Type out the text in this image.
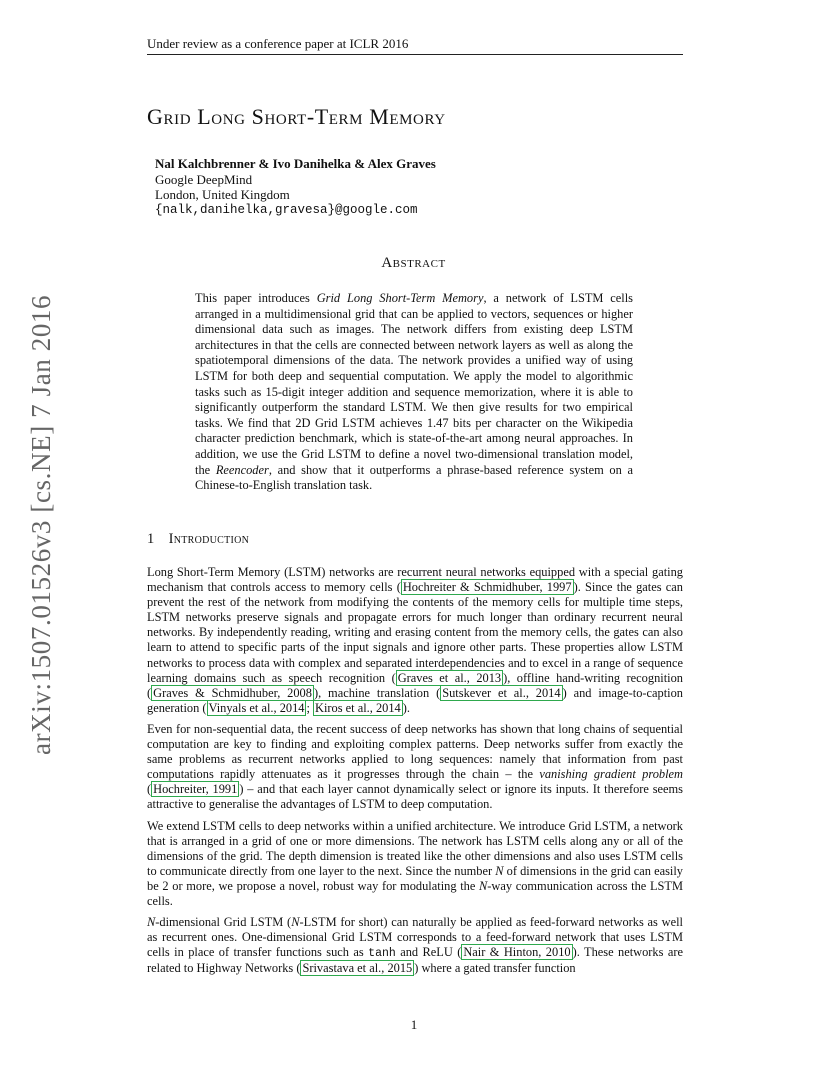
Under review as a conference paper at ICLR 2016
arXiv:1507.01526v3 [cs.NE] 7 Jan 2016
Grid Long Short-Term Memory
Nal Kalchbrenner & Ivo Danihelka & Alex Graves
Google DeepMind
London, United Kingdom
{nalk,danihelka,gravesa}@google.com
Abstract

This paper introduces Grid Long Short-Term Memory, a network of LSTM cells arranged in a multidimensional grid that can be applied to vectors, sequences or higher dimensional data such as images. The network differs from existing deep LSTM architectures in that the cells are connected between network layers as well as along the spatiotemporal dimensions of the data. The network provides a unified way of using LSTM for both deep and sequential computation. We apply the model to algorithmic tasks such as 15-digit integer addition and sequence memorization, where it is able to significantly outperform the standard LSTM. We then give results for two empirical tasks. We find that 2D Grid LSTM achieves 1.47 bits per character on the Wikipedia character prediction benchmark, which is state-of-the-art among neural approaches. In addition, we use the Grid LSTM to define a novel two-dimensional translation model, the Reencoder, and show that it outperforms a phrase-based reference system on a Chinese-to-English translation task.

1 Introduction

Long Short-Term Memory (LSTM) networks are recurrent neural networks equipped with a special gating mechanism that controls access to memory cells ( Hochreiter & Schmidhuber, 1997 ). Since the gates can prevent the rest of the network from modifying the contents of the memory cells for multiple time steps, LSTM networks preserve signals and propagate errors for much longer than ordinary recurrent neural networks. By independently reading, writing and erasing content from the memory cells, the gates can also learn to attend to specific parts of the input signals and ignore other parts. These properties allow LSTM networks to process data with complex and separated interdependencies and to excel in a range of sequence learning domains such as speech recognition ( Graves et al., 2013 ), offline hand-writing recognition ( Graves & Schmidhuber, 2008 ), machine translation ( Sutskever et al., 2014 ) and image-to-caption generation ( Vinyals et al., 2014 ; Kiros et al., 2014 ).

Even for non-sequential data, the recent success of deep networks has shown that long chains of sequential computation are key to finding and exploiting complex patterns. Deep networks suffer from exactly the same problems as recurrent networks applied to long sequences: namely that information from past computations rapidly attenuates as it progresses through the chain – the vanishing gradient problem ( Hochreiter, 1991 ) – and that each layer cannot dynamically select or ignore its inputs. It therefore seems attractive to generalise the advantages of LSTM to deep computation.

We extend LSTM cells to deep networks within a unified architecture. We introduce Grid LSTM, a network that is arranged in a grid of one or more dimensions. The network has LSTM cells along any or all of the dimensions of the grid. The depth dimension is treated like the other dimensions and also uses LSTM cells to communicate directly from one layer to the next. Since the number N of dimensions in the grid can easily be 2 or more, we propose a novel, robust way for modulating the N-way communication across the LSTM cells.

N-dimensional Grid LSTM (N-LSTM for short) can naturally be applied as feed-forward networks as well as recurrent ones. One-dimensional Grid LSTM corresponds to a feed-forward network that uses LSTM cells in place of transfer functions such as tanh and ReLU ( Nair & Hinton, 2010 ). These networks are related to Highway Networks ( Srivastava et al., 2015 ) where a gated transfer function

1
